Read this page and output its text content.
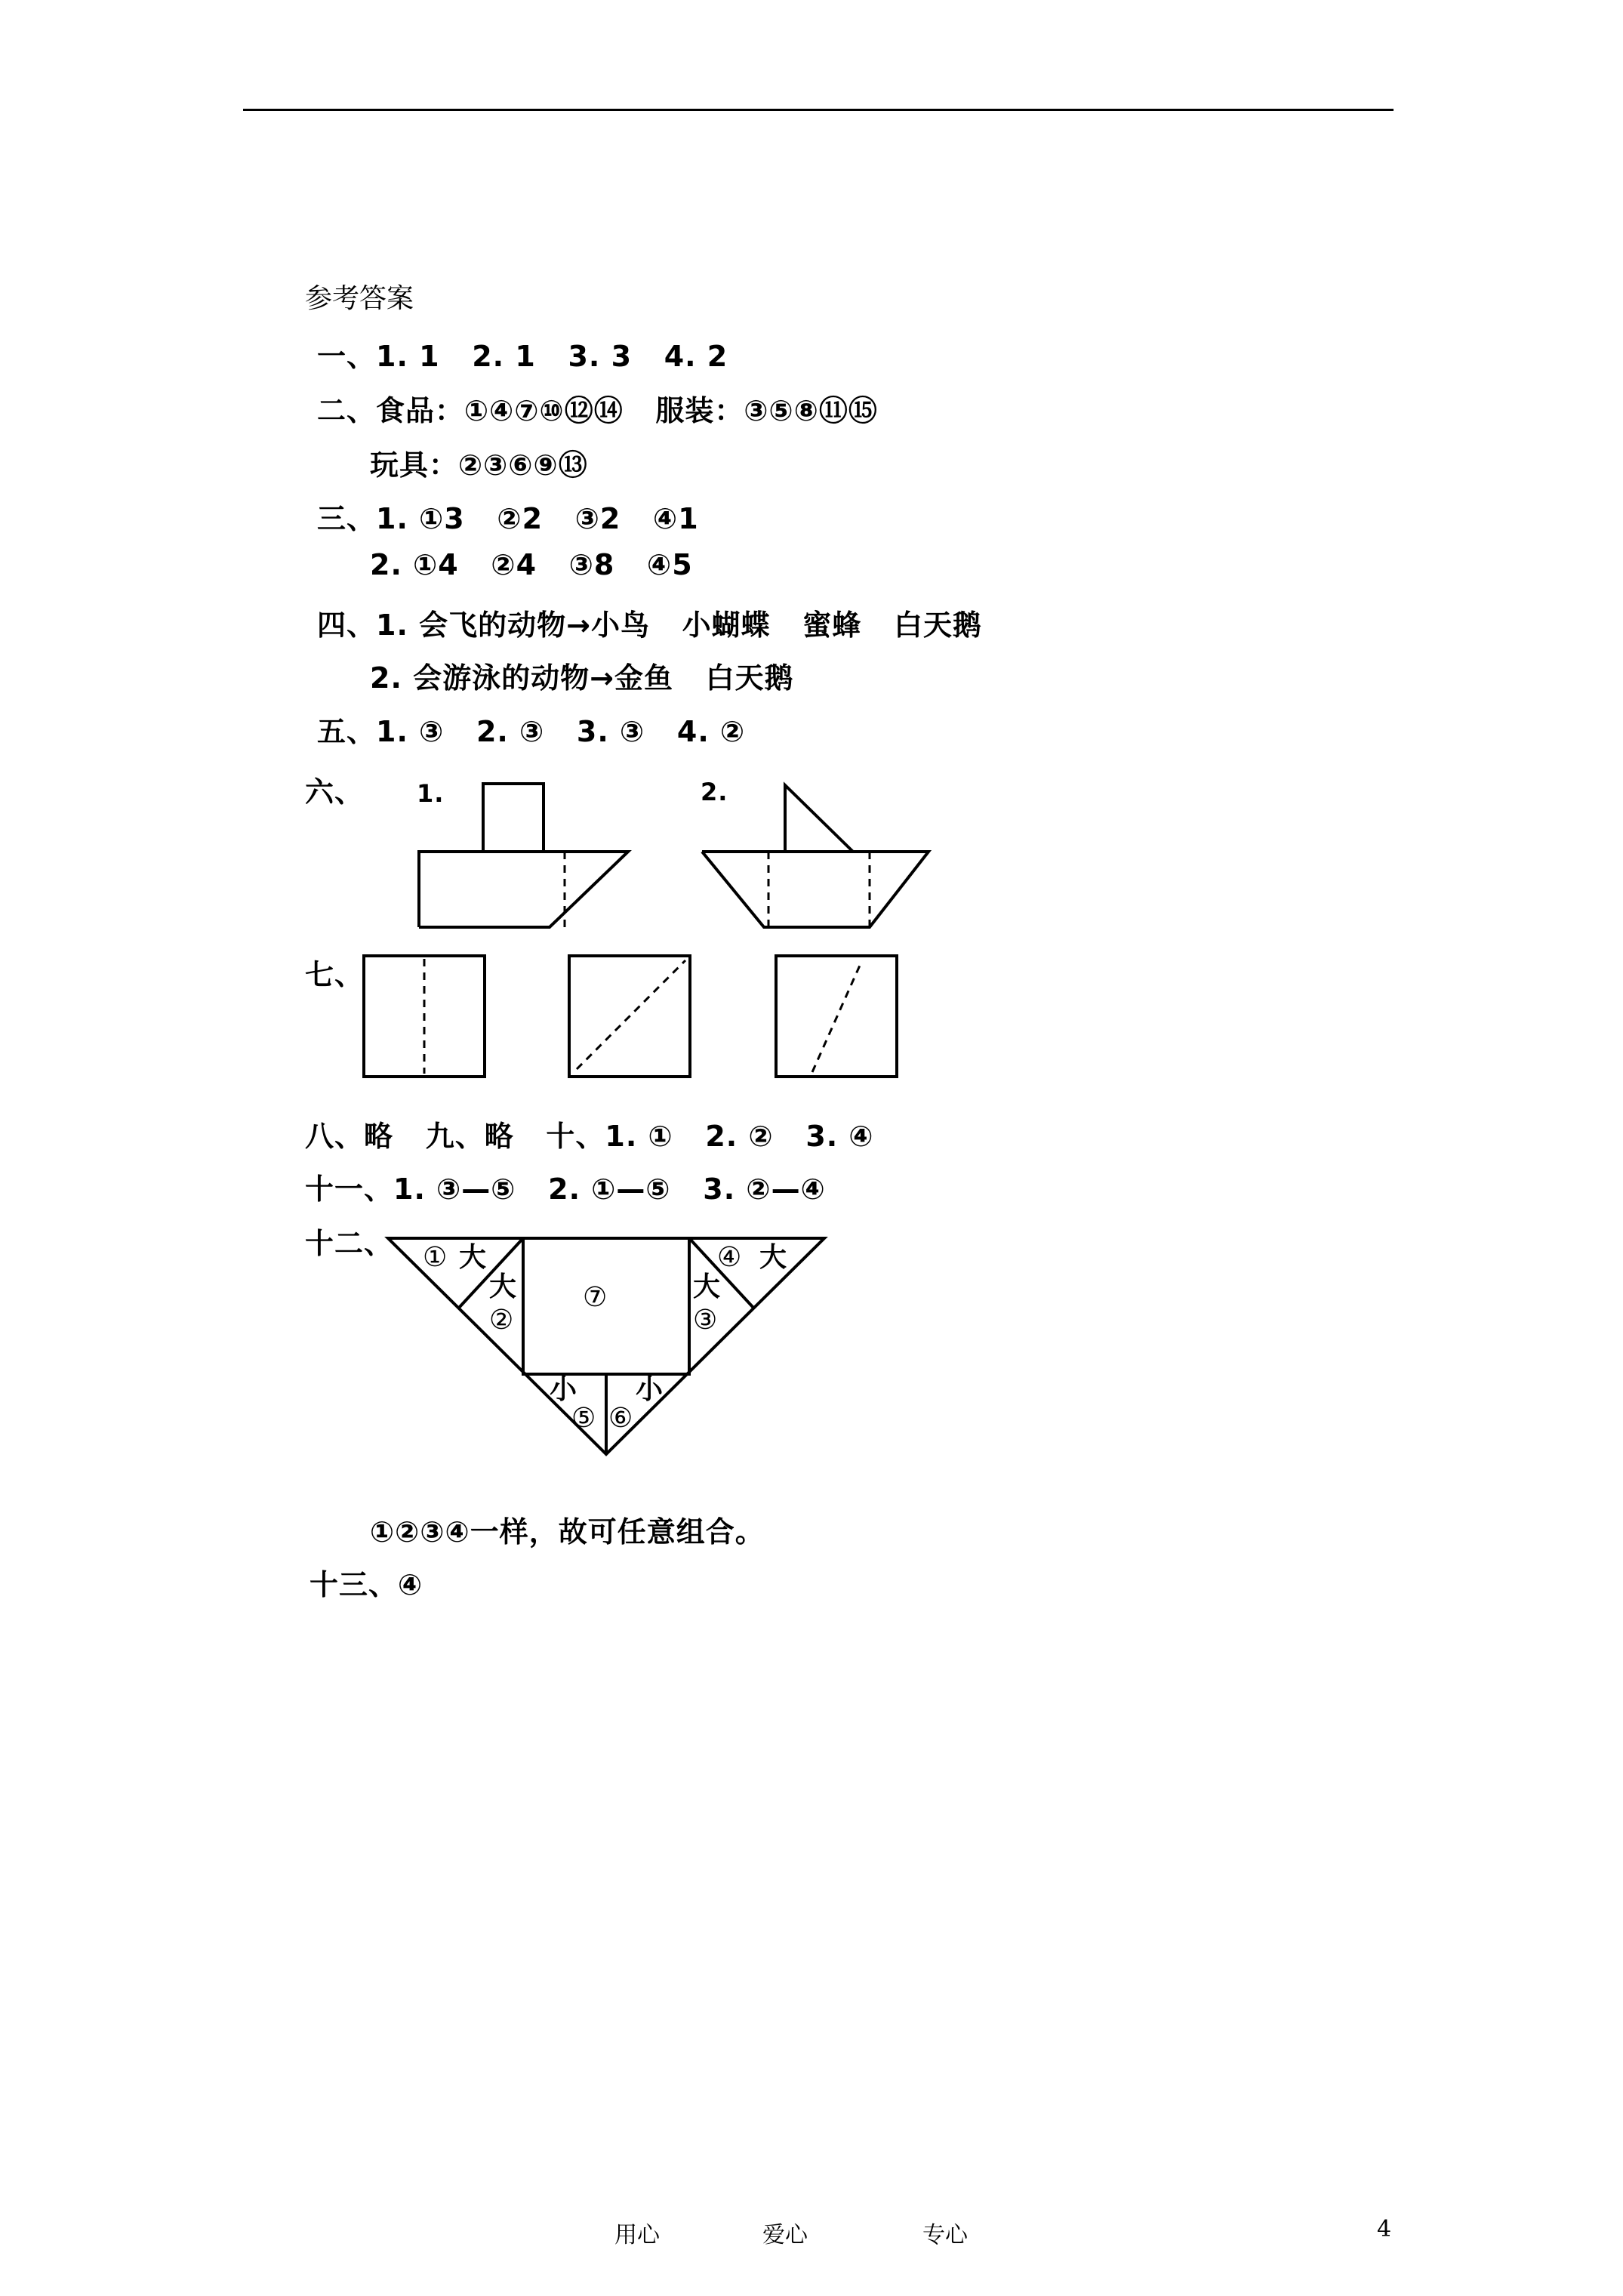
参考答案
一、1. 1   2. 1   3. 3   4. 2
二、食品：①④⑦⑩⑫⑭   服装：③⑤⑧⑪⑮
玩具：②③⑥⑨⑬
三、1. ①3   ②2   ③2   ④1
2. ①4   ②4   ③8   ④5
四、1. 会飞的动物→小鸟   小蝴蝶   蜜蜂   白天鹅
2. 会游泳的动物→金鱼   白天鹅
五、1. ③   2. ③   3. ③   4. ②
六、 1.	2.
① 大
大
②
⑦
④ 大
大
③
小
⑤ ⑥
小
七、
八、略   九、略   十、1. ①   2. ②   3. ④
十一、1. ③—⑤   2. ①—⑤   3. ②—④
十二、
①②③④一样，故可任意组合。
十三、④
用心	爱心	专心	4
